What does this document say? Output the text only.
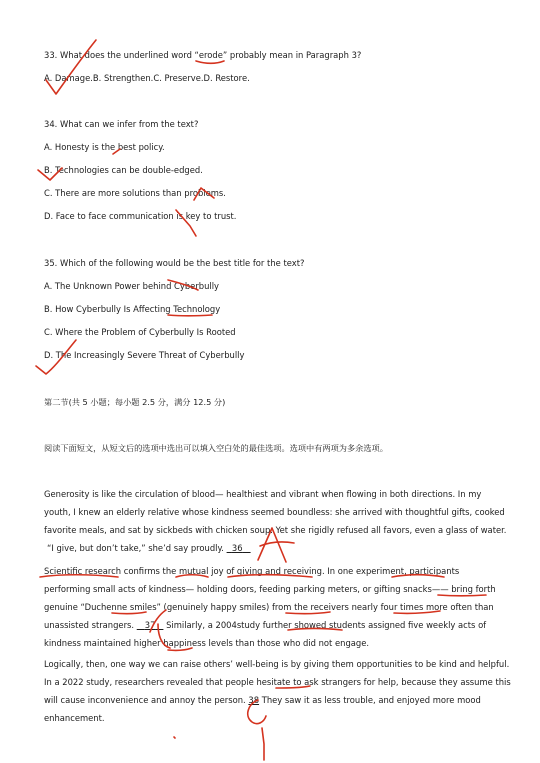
33. What does the underlined word “erode” probably mean in Paragraph 3?
A. Damage.B. Strengthen.C. Preserve.D. Restore.
34. What can we infer from the text?
A. Honesty is the best policy.
B. Technologies can be double-edged.
C. There are more solutions than problems.
D. Face to face communication is key to trust.
35. Which of the following would be the best title for the text?
A. The Unknown Power behind Cyberbully
B. How Cyberbully Is Affecting Technology
C. Where the Problem of Cyberbully Is Rooted
D. The Increasingly Severe Threat of Cyberbully
第二节(共 5 小题；每小题 2.5 分，满分 12.5 分)
阅读下面短文，从短文后的选项中选出可以填入空白处的最佳选项。选项中有两项为多余选项。
Generosity is like the circulation of blood— healthiest and vibrant when flowing in both directions. In my
youth, I knew an elderly relative whose kindness seemed boundless: she arrived with thoughtful gifts, cooked
favorite meals, and sat by sickbeds with chicken soup. Yet she rigidly refused all favors, even a glass of water.
“I give, but don’t take,” she’d say proudly. 36
Scientific research confirms the mutual joy of giving and receiving. In one experiment, participants
performing small acts of kindness— holding doors, feeding parking meters, or gifting snacks—— bring forth
genuine “Duchenne smiles” (genuinely happy smiles) from the receivers nearly four times more often than
unassisted strangers. 37 Similarly, a 2004study further showed students assigned five weekly acts of
kindness maintained higher happiness levels than those who did not engage.
Logically, then, one way we can raise others’ well-being is by giving them opportunities to be kind and helpful.
In a 2022 study, researchers revealed that people hesitate to ask strangers for help, because they assume this
will cause inconvenience and annoy the person. 38 They saw it as less trouble, and enjoyed more mood
enhancement.
